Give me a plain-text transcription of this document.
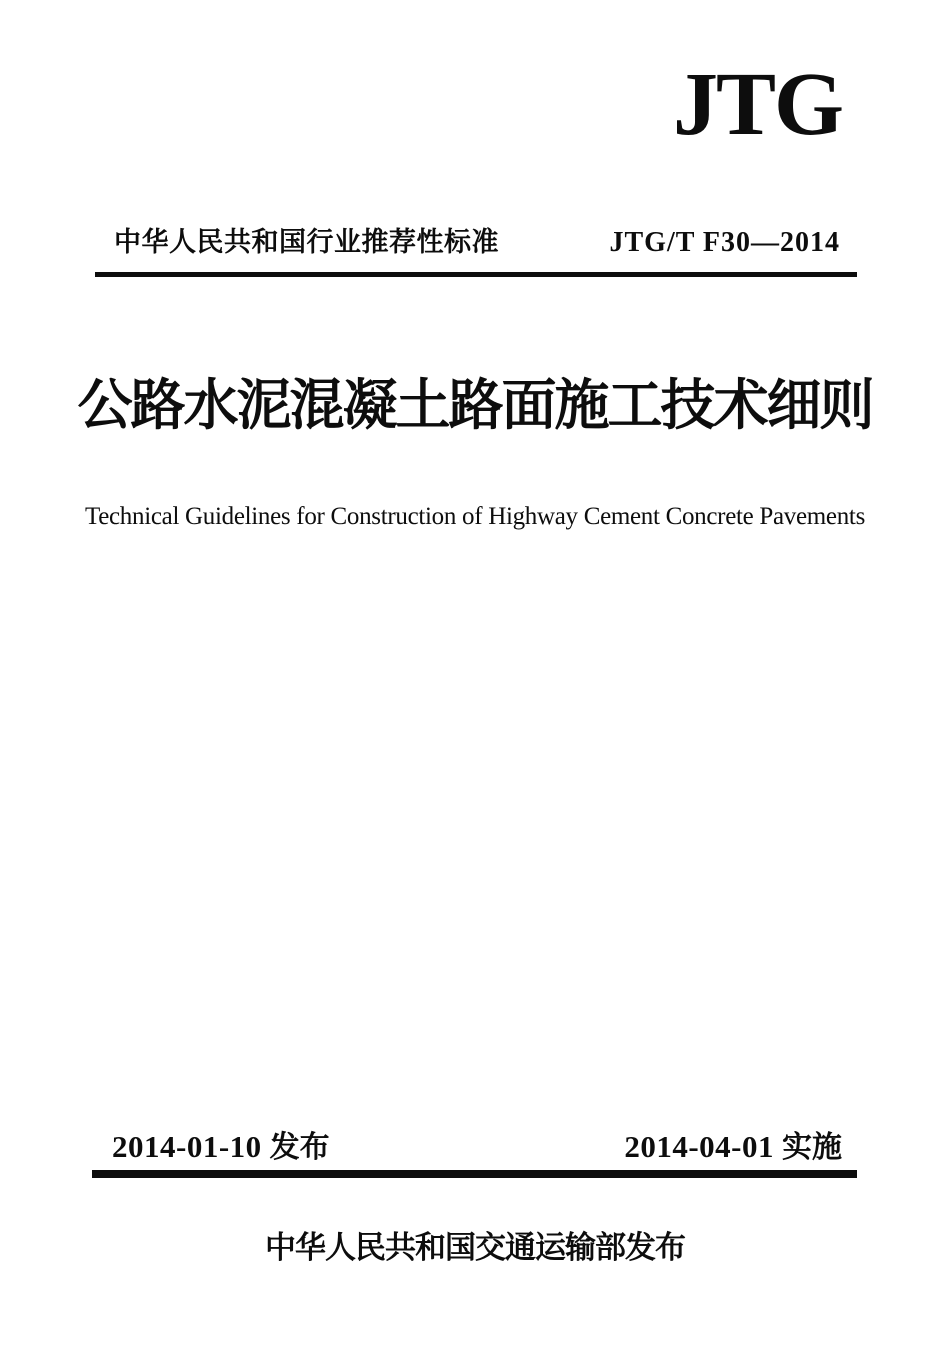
JTG
中华人民共和国行业推荐性标准	JTG/T F30—2014
公路水泥混凝土路面施工技术细则
Technical Guidelines for Construction of Highway Cement Concrete Pavements
2014-01-10 发布	2014-04-01 实施
中华人民共和国交通运输部发布
